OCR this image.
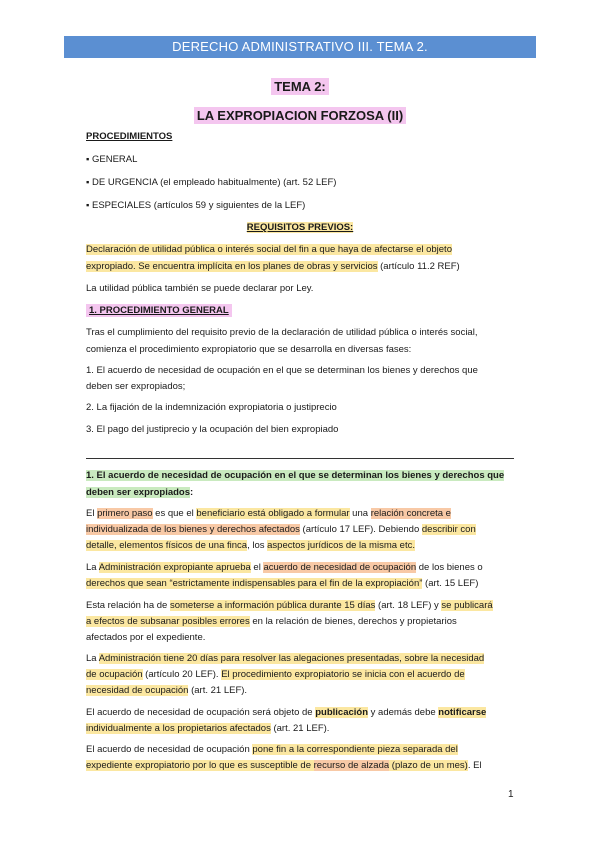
DERECHO ADMINISTRATIVO III. TEMA 2.
TEMA 2:
LA EXPROPIACION FORZOSA (II)
PROCEDIMIENTOS
▪ GENERAL
▪ DE URGENCIA (el empleado habitualmente) (art. 52 LEF)
▪ ESPECIALES (artículos 59 y siguientes de la LEF)
REQUISITOS PREVIOS:
Declaración de utilidad pública o interés social del fin a que haya de afectarse el objeto
expropiado. Se encuentra implícita en los planes de obras y servicios (artículo 11.2 REF)
La utilidad pública también se puede declarar por Ley.
1. PROCEDIMIENTO GENERAL
Tras el cumplimiento del requisito previo de la declaración de utilidad pública o interés social,
comienza el procedimiento expropiatorio que se desarrolla en diversas fases:
1. El acuerdo de necesidad de ocupación en el que se determinan los bienes y derechos que
deben ser expropiados;
2. La fijación de la indemnización expropiatoria o justiprecio
3. El pago del justiprecio y la ocupación del bien expropiado
1. El acuerdo de necesidad de ocupación en el que se determinan los bienes y derechos que
deben ser expropiados:
El primero paso es que el beneficiario está obligado a formular una relación concreta e
individualizada de los bienes y derechos afectados (artículo 17 LEF). Debiendo describir con
detalle, elementos físicos de una finca, los aspectos jurídicos de la misma etc.
La Administración expropiante aprueba el acuerdo de necesidad de ocupación de los bienes o
derechos que sean “estrictamente indispensables para el fin de la expropiación” (art. 15 LEF)
Esta relación ha de someterse a información pública durante 15 días (art. 18 LEF) y se publicará
a efectos de subsanar posibles errores en la relación de bienes, derechos y propietarios
afectados por el expediente.
La Administración tiene 20 días para resolver las alegaciones presentadas, sobre la necesidad
de ocupación (artículo 20 LEF). El procedimiento expropiatorio se inicia con el acuerdo de
necesidad de ocupación (art. 21 LEF).
El acuerdo de necesidad de ocupación será objeto de publicación y además debe notificarse
individualmente a los propietarios afectados (art. 21 LEF).
El acuerdo de necesidad de ocupación pone fin a la correspondiente pieza separada del
expediente expropiatorio por lo que es susceptible de recurso de alzada (plazo de un mes). El
1
